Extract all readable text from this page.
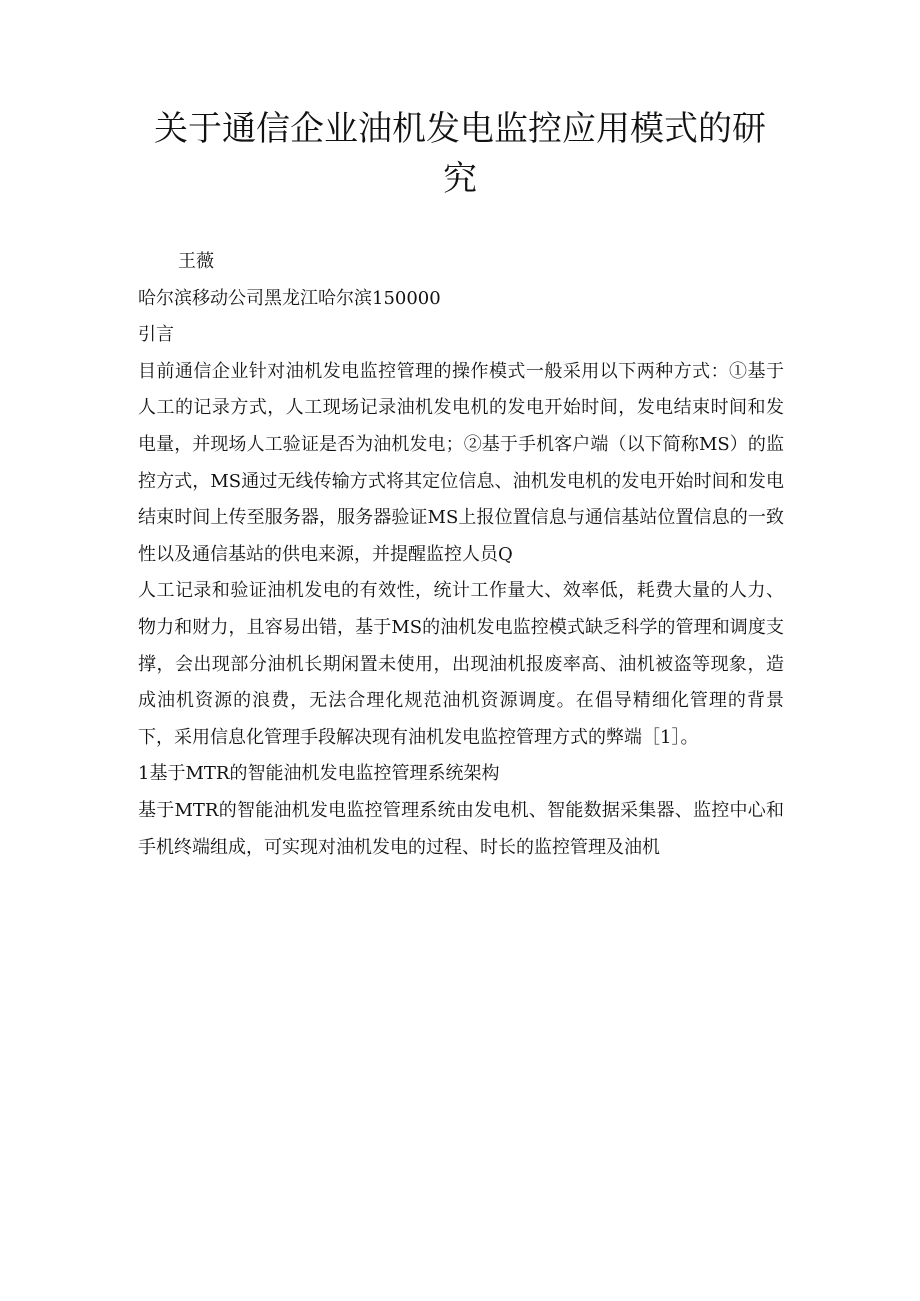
关于通信企业油机发电监控应用模式的研究

王薇

哈尔滨移动公司黑龙江哈尔滨150000

引言

目前通信企业针对油机发电监控管理的操作模式一般采用以下两种方式：①基于人工的记录方式，人工现场记录油机发电机的发电开始时间，发电结束时间和发电量，并现场人工验证是否为油机发电；②基于手机客户端（以下简称MS）的监控方式，MS通过无线传输方式将其定位信息、油机发电机的发电开始时间和发电结束时间上传至服务器，服务器验证MS上报位置信息与通信基站位置信息的一致性以及通信基站的供电来源，并提醒监控人员Q

人工记录和验证油机发电的有效性，统计工作量大、效率低，耗费大量的人力、物力和财力，且容易出错，基于MS的油机发电监控模式缺乏科学的管理和调度支撑，会出现部分油机长期闲置未使用，出现油机报废率高、油机被盗等现象，造成油机资源的浪费，无法合理化规范油机资源调度。在倡导精细化管理的背景下，采用信息化管理手段解决现有油机发电监控管理方式的弊端［1］。

1基于MTR的智能油机发电监控管理系统架构

基于MTR的智能油机发电监控管理系统由发电机、智能数据采集器、监控中心和手机终端组成，可实现对油机发电的过程、时长的监控管理及油机
